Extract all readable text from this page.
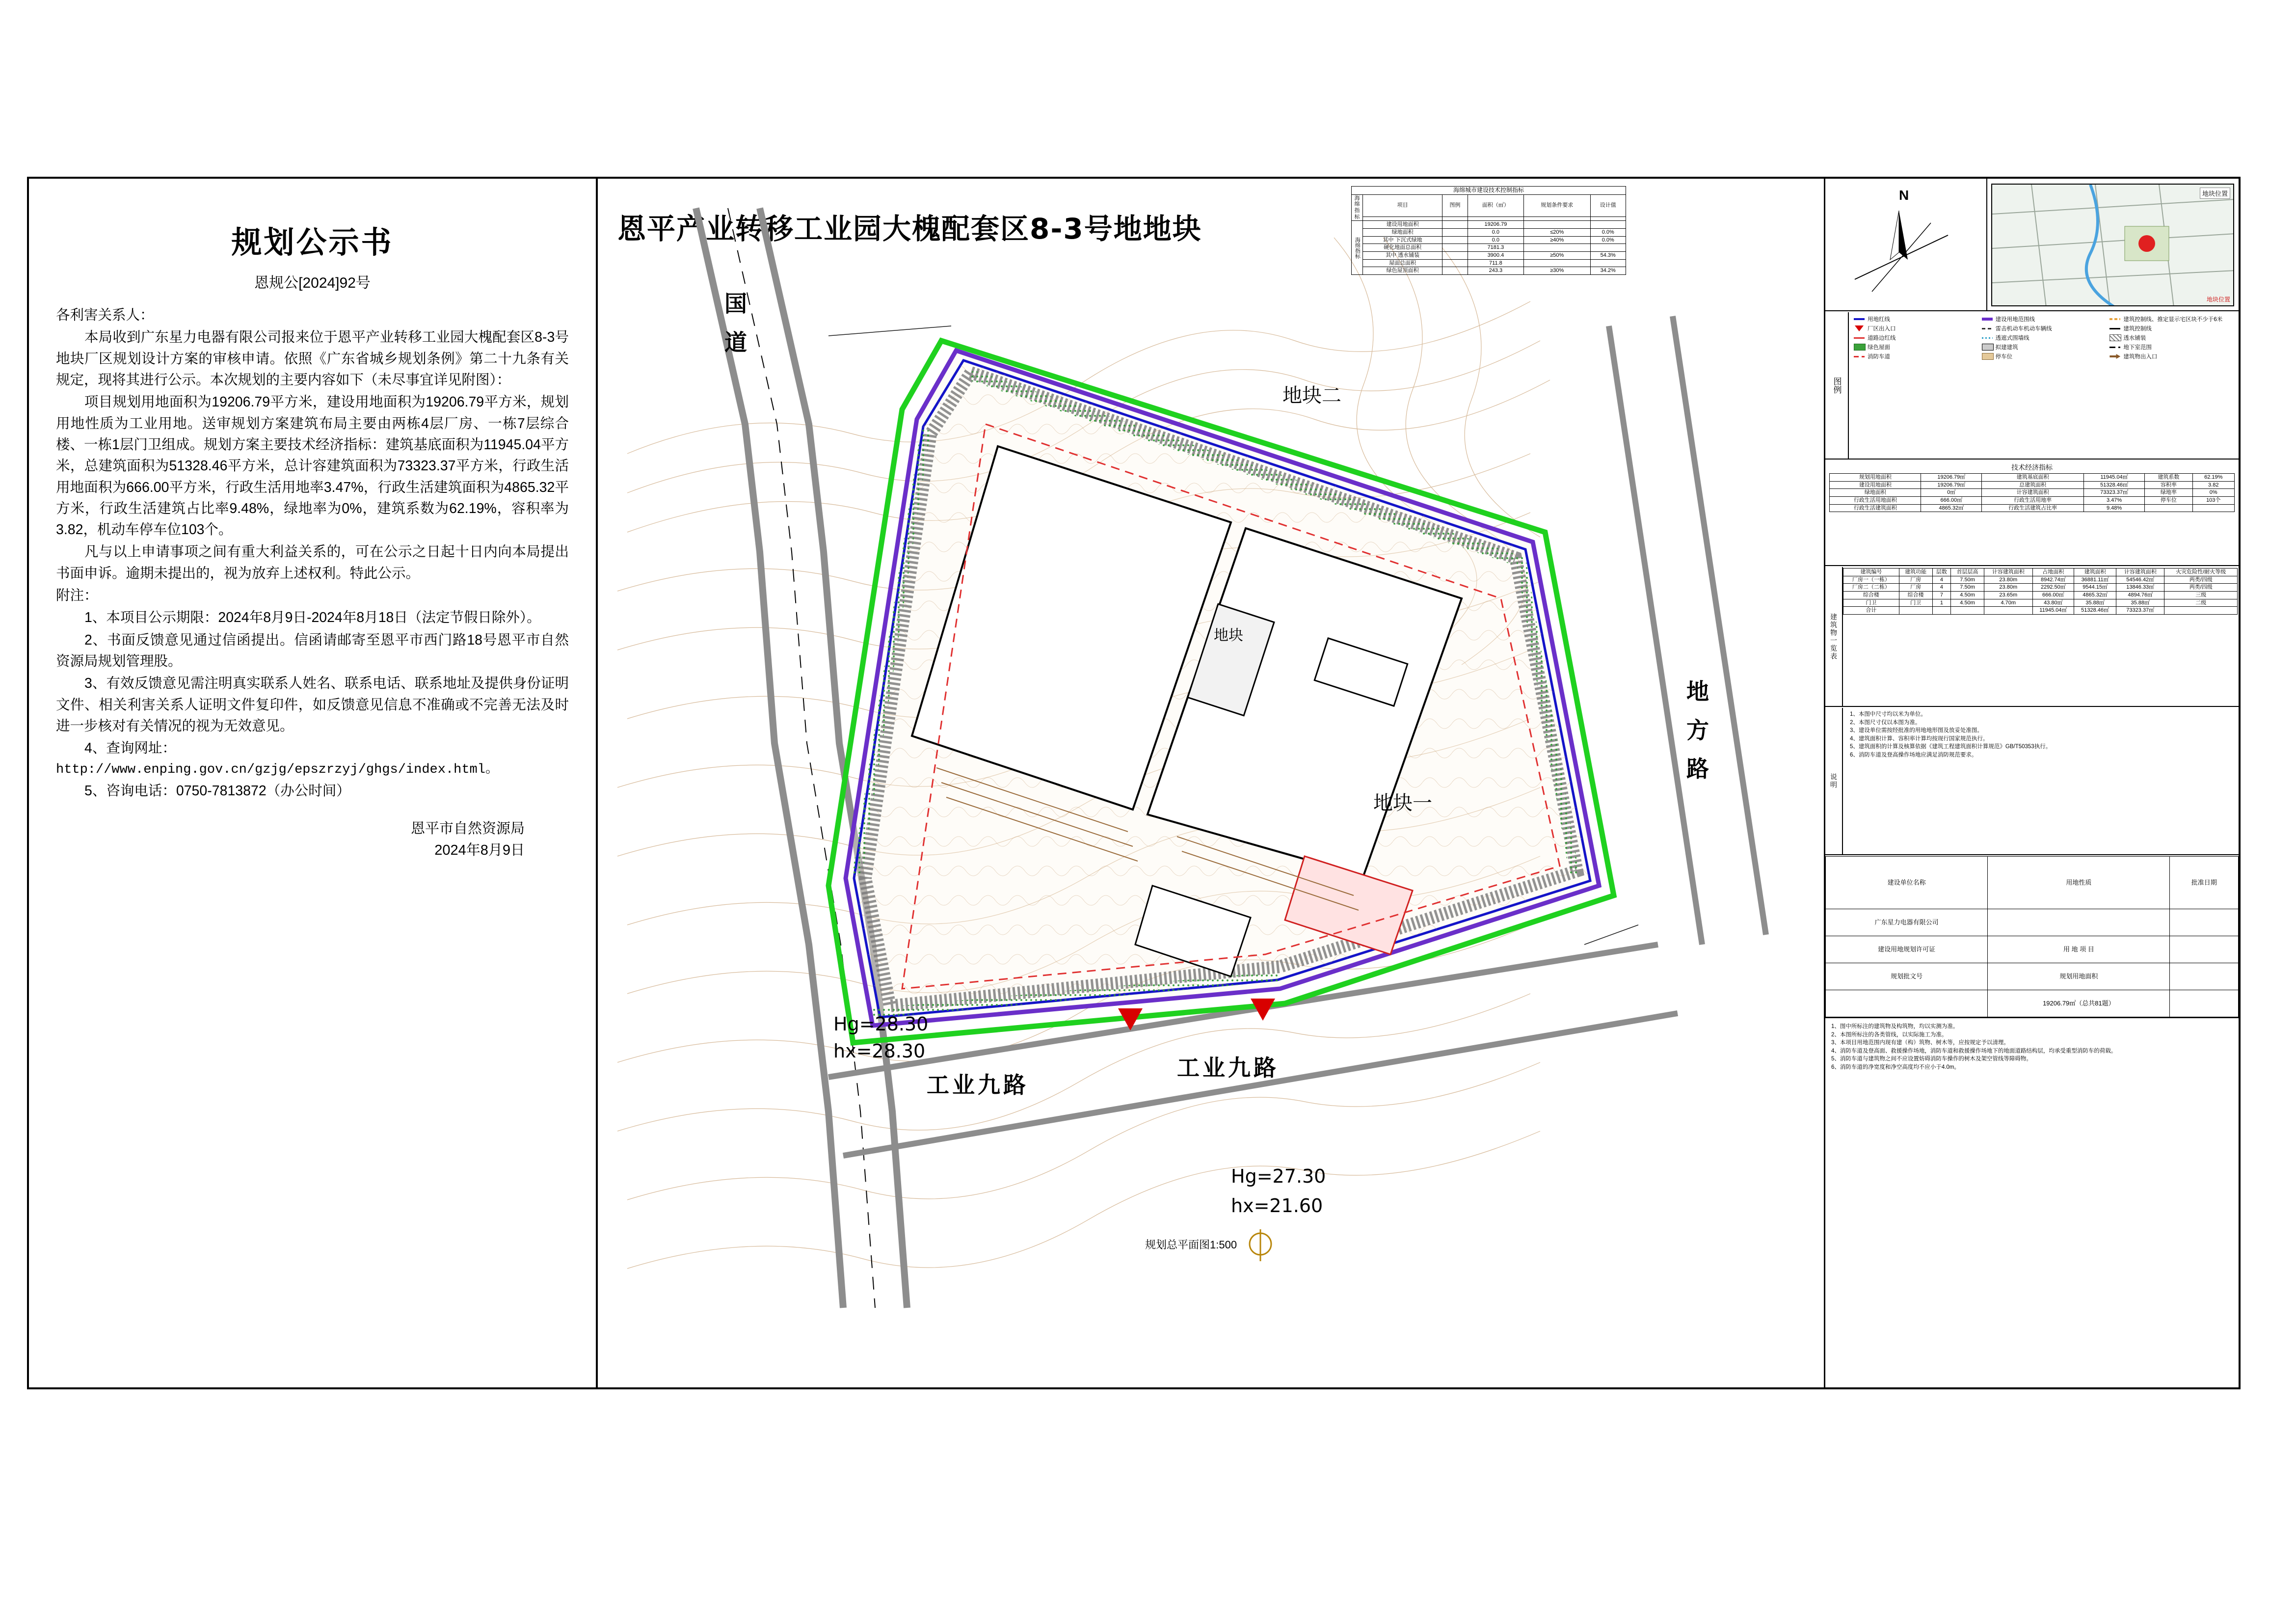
规划公示书
恩规公[2024]92号

各利害关系人：

本局收到广东星力电器有限公司报来位于恩平产业转移工业园大槐配套区8-3号地块厂区规划设计方案的审核申请。依照《广东省城乡规划条例》第二十九条有关规定，现将其进行公示。本次规划的主要内容如下（未尽事宜详见附图）：

项目规划用地面积为19206.79平方米，建设用地面积为19206.79平方米，规划用地性质为工业用地。送审规划方案建筑布局主要由两栋4层厂房、一栋7层综合楼、一栋1层门卫组成。规划方案主要技术经济指标：建筑基底面积为11945.04平方米，总建筑面积为51328.46平方米，总计容建筑面积为73323.37平方米，行政生活用地面积为666.00平方米，行政生活用地率3.47%，行政生活建筑面积为4865.32平方米，行政生活建筑占比率9.48%，绿地率为0%，建筑系数为62.19%，容积率为3.82，机动车停车位103个。

凡与以上申请事项之间有重大利益关系的，可在公示之日起十日内向本局提出书面申诉。逾期未提出的，视为放弃上述权利。特此公示。

附注：

1、本项目公示期限：2024年8月9日-2024年8月18日（法定节假日除外）。

2、书面反馈意见通过信函提出。信函请邮寄至恩平市西门路18号恩平市自然资源局规划管理股。

3、有效反馈意见需注明真实联系人姓名、联系电话、联系地址及提供身份证明文件、相关利害关系人证明文件复印件，如反馈意见信息不准确或不完善无法及时进一步核对有关情况的视为无效意见。

4、查询网址：

http://www.enping.gov.cn/gzjg/epszrzyj/ghgs/index.html。

5、咨询电话：0750-7813872（办公时间）

恩平市自然资源局
2024年8月9日
恩平产业转移工业园大槐配套区8-3号地地块
国 道
工业九路
工业九路
地 方 路
地块二
地块一
地块
Hg=28.30
hx=28.30
Hg=27.30
hx=21.60
规划总平面图1:500
海绵城市建设技术控制指标					
海绵指标	项目	图例	面积（㎡）	规划条件要求	设计值

海绵指标	建设用地面积		19206.79		
	绿地面积		0.0	≤20%	0.0%
	其中 下沉式绿地		0.0	≥40%	0.0%
	硬化地面总面积		7181.3		
	其中 透水铺装		3900.4	≥50%	54.3%
	屋面总面积		711.8		
	绿色屋顶面积		243.3	≥30%	34.2%
N	地块位置
地块位置
图例
用地红线	建设用地范围线	建筑控制线、推定显示宅区块不少于6米
厂区出入口	雷击机动车机动车辆线	建筑控制线
道路边红线	透遮式围墙线	透水铺装
绿色屋面	拟建建筑	地下室范围
消防车道	停车位	建筑物出入口
技术经济指标
规划用地面积	19206.79㎡	建筑基底面积	11945.04㎡	建筑系数	62.19%
建设用地面积	19206.79㎡	总建筑面积	51328.46㎡	容积率	3.82
绿地面积	0㎡	计容建筑面积	73323.37㎡	绿地率	0%
行政生活用地面积	666.00㎡	行政生活用地率	3.47%	停车位	103个
行政生活建筑面积	4865.32㎡	行政生活建筑占比率	9.48%		
建筑物一览表
建筑编号	建筑功能	层数	首层层高	计容建筑面积	占地面积	建筑面积	计容建筑面积	火灾危险性/耐火等级
厂房一（一栋）	厂房	4	7.50m	23.80m	8942.74㎡	36881.11㎡	54546.42㎡	两类/四级
厂房二（二栋）	厂房	4	7.50m	23.80m	2292.50㎡	9544.15㎡	13846.33㎡	两类/四级
综合楼	综合楼	7	4.50m	23.65m	666.00㎡	4865.32㎡	4894.76㎡	三级
门卫	门卫	1	4.50m	4.70m	43.80㎡	35.88㎡	35.88㎡	二级
合计					11945.04㎡	51328.46㎡	73323.37㎡	
说明
1、本图中尺寸均以米为单位。
2、本图尺寸仅以本图为准。
3、建设单位需按经批准的用地地形图及放妥处准图。
4、建筑面积计算、容积率计算均按现行国家规范执行。
5、建筑面积的计算及核算依据《建筑工程建筑面积计算规范》GB/T50353执行。
6、消防车道及登高操作场地应满足消防规范要求。
建设单位名称	用地性质	批准日期
广东星力电器有限公司		
建设用地规划许可证	用 地 项 目	
规划批文号	规划用地面积	
	19206.79㎡（总共81题）	
1、图中所标注的建筑物及构筑物，均以实测为准。
2、本图所标注的各类管线，以实际施工为准。
3、本项目用地范围内现有建（构）筑物、树木等，应按规定予以清理。
4、消防车道及登高面、救援操作场地，消防车道和救援操作场地下的地面道路结构层，均承受重型消防车的荷载。
5、消防车道与建筑物之间不应设置妨碍消防车操作的树木及架空管线等障碍物。
6、消防车道的净宽度和净空高度均不应小于4.0m。
